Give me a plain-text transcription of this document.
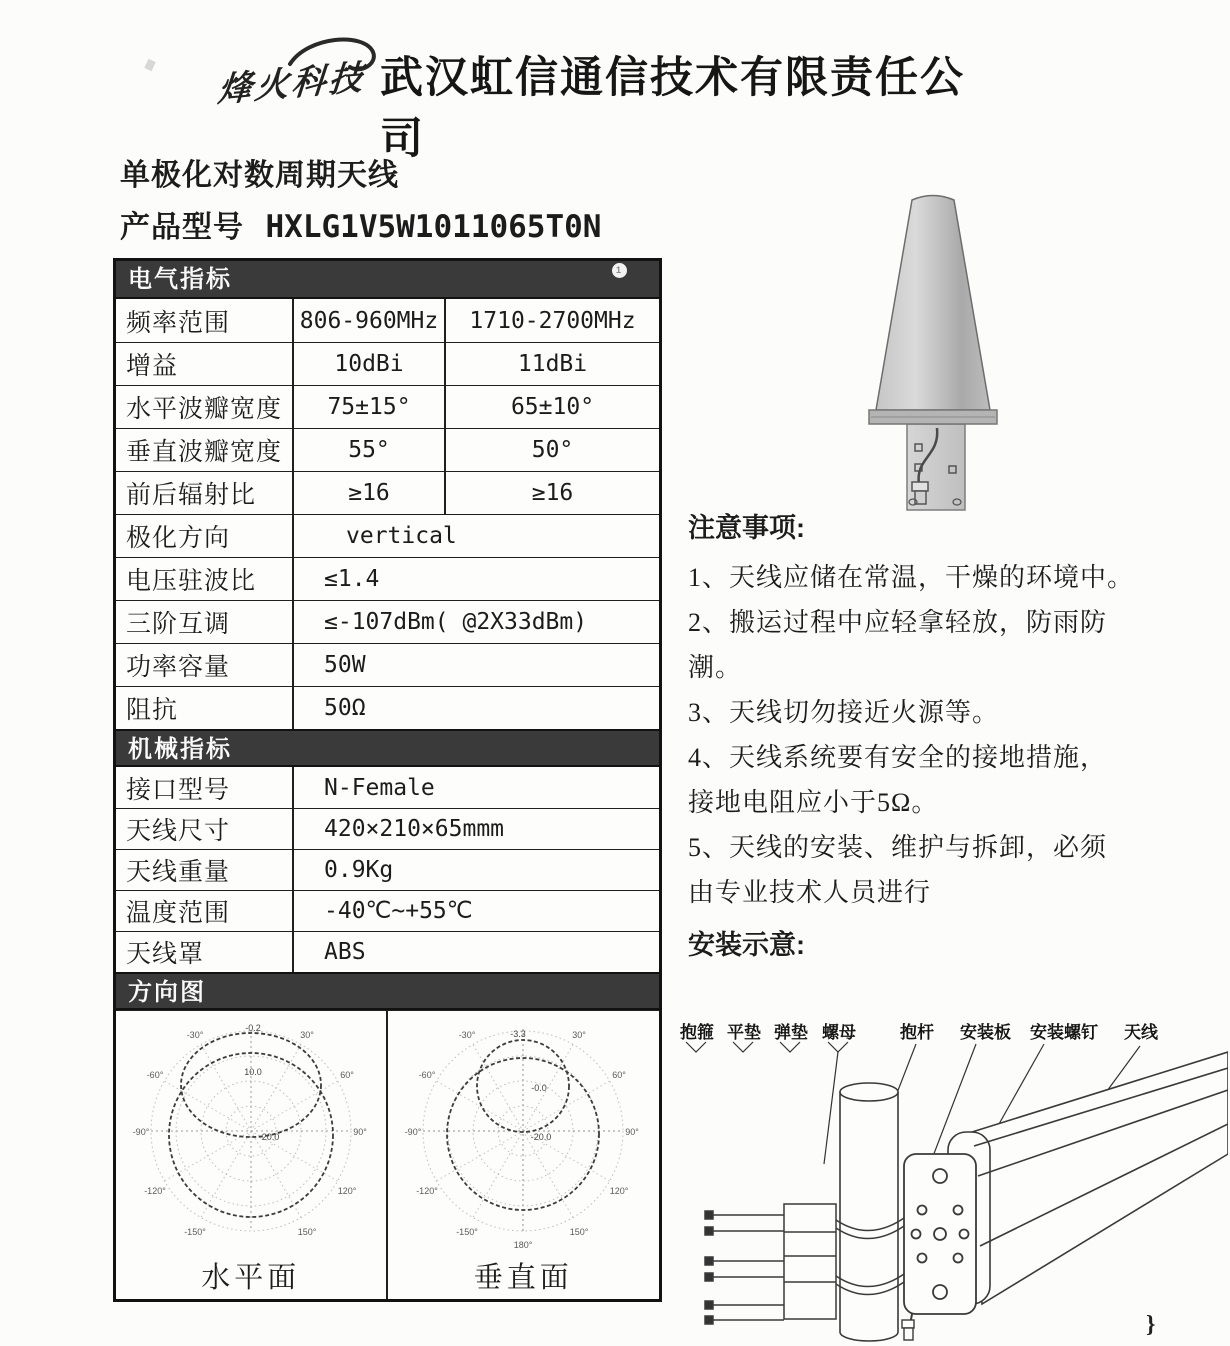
烽火科技 武汉虹信通信技术有限责任公司
单极化对数周期天线
产品型号 HXLG1V5W1011065T0N
电气指标	1
频率范围	806-960MHz	1710-2700MHz
增益	10dBi	11dBi
水平波瓣宽度	75±15°	65±10°
垂直波瓣宽度	55°	50°
前后辐射比	≥16	≥16
极化方向	vertical
电压驻波比	≤1.4
三阶互调	≤-107dBm( @2X33dBm)
功率容量	50W
阻抗	50Ω
机械指标
接口型号	N-Female
天线尺寸	420×210×65mmm
天线重量	0.9Kg
温度范围	-40℃~+55℃
天线罩	ABS
方向图
-30°	30°
-60°	60°
-90°	90°
-120°	120°
-150°	150°
-0.2
10.0
-20.0
水平面
-30°	30°
-60°	60°
-90°	90°
-120°	120°
-150°	150°
180°
-3.3
-0.0
-20.0
垂直面
注意事项:
1、天线应储在常温，干燥的环境中。
2、搬运过程中应轻拿轻放，防雨防
潮。
3、天线切勿接近火源等。
4、天线系统要有安全的接地措施，
接地电阻应小于5Ω。
5、天线的安装、维护与拆卸，必须
由专业技术人员进行
安装示意:
抱箍 平垫 弹垫 螺母	抱杆 安装板 安装螺钉 天线
}
